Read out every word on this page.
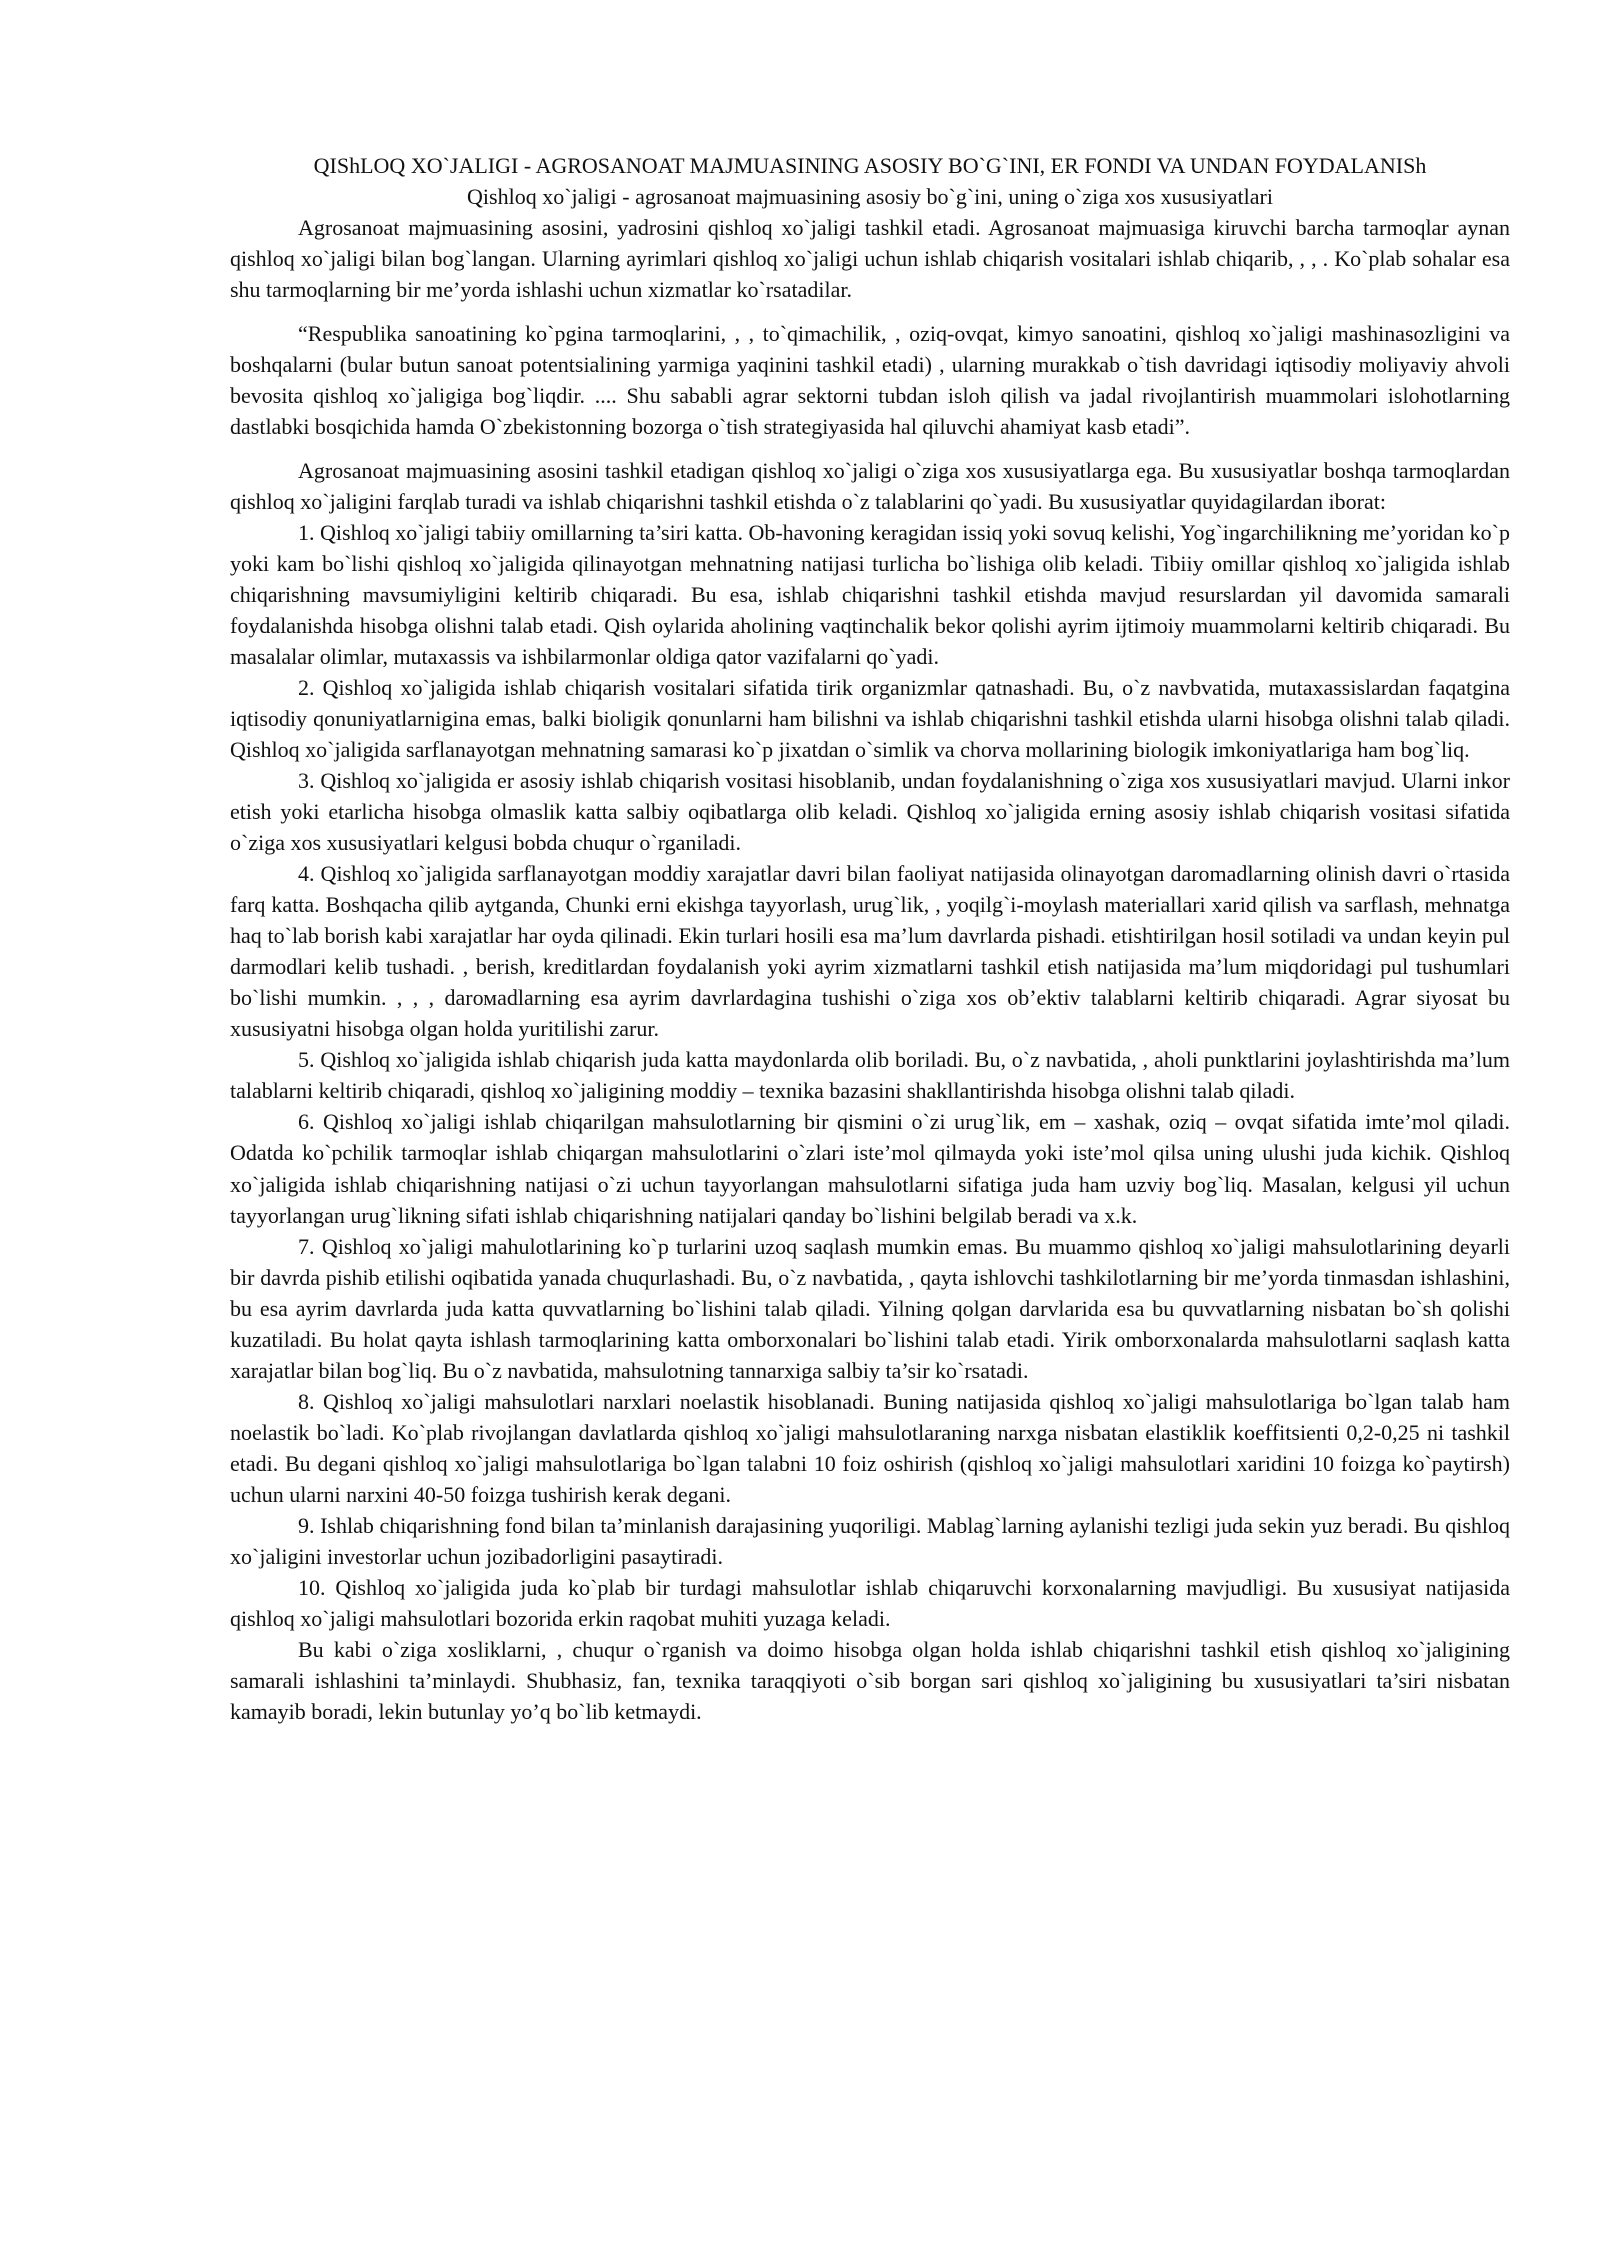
QIShLOQ XO`JALIGI - AGROSANOAT MAJMUASINING ASOSIY BO`G`INI, ER FONDI VA UNDAN FOYDALANISh
Qishloq xo`jaligi - agrosanoat majmuasining asosiy bo`g`ini, uning o`ziga xos xususiyatlari

Agrosanoat majmuasining asosini, yadrosini qishloq xo`jaligi tashkil etadi. Agrosanoat majmuasiga kiruvchi barcha tarmoqlar aynan qishloq xo`jaligi bilan bog`langan. Ularning ayrimlari qishloq xo`jaligi uchun ishlab chiqarish vositalari ishlab chiqarib, , , . Ko`plab sohalar esa shu tarmoqlarning bir me’yorda ishlashi uchun xizmatlar ko`rsatadilar.

“Respublika sanoatining ko`pgina tarmoqlarini, , , to`qimachilik, , oziq-ovqat, kimyo sanoatini, qishloq xo`jaligi mashinasozligini va boshqalarni (bular butun sanoat potentsialining yarmiga yaqinini tashkil etadi) , ularning murakkab o`tish davridagi iqtisodiy moliyaviy ahvoli bevosita qishloq xo`jaligiga bog`liqdir. .... Shu sababli agrar sektorni tubdan isloh qilish va jadal rivojlantirish muammolari islohotlarning dastlabki bosqichida hamda O`zbekistonning bozorga o`tish strategiyasida hal qiluvchi ahamiyat kasb etadi”.

Agrosanoat majmuasining asosini tashkil etadigan qishloq xo`jaligi o`ziga xos xususiyatlarga ega. Bu xususiyatlar boshqa tarmoqlardan qishloq xo`jaligini farqlab turadi va ishlab chiqarishni tashkil etishda o`z talablarini qo`yadi. Bu xususiyatlar quyidagilardan iborat:

1. Qishloq xo`jaligi tabiiy omillarning ta’siri katta. Ob-havoning keragidan issiq yoki sovuq kelishi, Yog`ingarchilikning me’yoridan ko`p yoki kam bo`lishi qishloq xo`jaligida qilinayotgan mehnatning natijasi turlicha bo`lishiga olib keladi. Tibiiy omillar qishloq xo`jaligida ishlab chiqarishning mavsumiyligini keltirib chiqaradi. Bu esa, ishlab chiqarishni tashkil etishda mavjud resurslardan yil davomida samarali foydalanishda hisobga olishni talab etadi. Qish oylarida aholining vaqtinchalik bekor qolishi ayrim ijtimoiy muammolarni keltirib chiqaradi. Bu masalalar olimlar, mutaxassis va ishbilarmonlar oldiga qator vazifalarni qo`yadi.

2. Qishloq xo`jaligida ishlab chiqarish vositalari sifatida tirik organizmlar qatnashadi. Bu, o`z navbvatida, mutaxassislardan faqatgina iqtisodiy qonuniyatlarnigina emas, balki bioligik qonunlarni ham bilishni va ishlab chiqarishni tashkil etishda ularni hisobga olishni talab qiladi. Qishloq xo`jaligida sarflanayotgan mehnatning samarasi ko`p jixatdan o`simlik va chorva mollarining biologik imkoniyatlariga ham bog`liq.

3. Qishloq xo`jaligida er asosiy ishlab chiqarish vositasi hisoblanib, undan foydalanishning o`ziga xos xususiyatlari mavjud. Ularni inkor etish yoki etarlicha hisobga olmaslik katta salbiy oqibatlarga olib keladi. Qishloq xo`jaligida erning asosiy ishlab chiqarish vositasi sifatida o`ziga xos xususiyatlari kelgusi bobda chuqur o`rganiladi.

4. Qishloq xo`jaligida sarflanayotgan moddiy xarajatlar davri bilan faoliyat natijasida olinayotgan daromadlarning olinish davri o`rtasida farq katta. Boshqacha qilib aytganda, Chunki erni ekishga tayyorlash, urug`lik, , yoqilg`i-moylash materiallari xarid qilish va sarflash, mehnatga haq to`lab borish kabi xarajatlar har oyda qilinadi. Ekin turlari hosili esa ma’lum davrlarda pishadi. etishtirilgan hosil sotiladi va undan keyin pul darmodlari kelib tushadi. , berish, kreditlardan foydalanish yoki ayrim xizmatlarni tashkil etish natijasida ma’lum miqdoridagi pul tushumlari bo`lishi mumkin. , , , darомadlarning esa ayrim davrlardagina tushishi o`ziga xos ob’ektiv talablarni keltirib chiqaradi. Agrar siyosat bu xususiyatni hisobga olgan holda yuritilishi zarur.

5. Qishloq xo`jaligida ishlab chiqarish juda katta maydonlarda olib boriladi. Bu, o`z navbatida, , aholi punktlarini joylashtirishda ma’lum talablarni keltirib chiqaradi, qishloq xo`jaligining moddiy – texnika bazasini shakllantirishda hisobga olishni talab qiladi.

6. Qishloq xo`jaligi ishlab chiqarilgan mahsulotlarning bir qismini o`zi urug`lik, em – xashak, oziq – ovqat sifatida imte’mol qiladi. Odatda ko`pchilik tarmoqlar ishlab chiqargan mahsulotlarini o`zlari iste’mol qilmayda yoki iste’mol qilsa uning ulushi juda kichik. Qishloq xo`jaligida ishlab chiqarishning natijasi o`zi uchun tayyorlangan mahsulotlarni sifatiga juda ham uzviy bog`liq. Masalan, kelgusi yil uchun tayyorlangan urug`likning sifati ishlab chiqarishning natijalari qanday bo`lishini belgilab beradi va x.k.

7. Qishloq xo`jaligi mahulotlarining ko`p turlarini uzoq saqlash mumkin emas. Bu muammo qishloq xo`jaligi mahsulotlarining deyarli bir davrda pishib etilishi oqibatida yanada chuqurlashadi. Bu, o`z navbatida, , qayta ishlovchi tashkilotlarning bir me’yorda tinmasdan ishlashini, bu esa ayrim davrlarda juda katta quvvatlarning bo`lishini talab qiladi. Yilning qolgan darvlarida esa bu quvvatlarning nisbatan bo`sh qolishi kuzatiladi. Bu holat qayta ishlash tarmoqlarining katta omborxonalari bo`lishini talab etadi. Yirik omborxonalarda mahsulotlarni saqlash katta xarajatlar bilan bog`liq. Bu o`z navbatida, mahsulotning tannarxiga salbiy ta’sir ko`rsatadi.

8. Qishloq xo`jaligi mahsulotlari narxlari noelastik hisoblanadi. Buning natijasida qishloq xo`jaligi mahsulotlariga bo`lgan talab ham noelastik bo`ladi. Ko`plab rivojlangan davlatlarda qishloq xo`jaligi mahsulotlaraning narxga nisbatan elastiklik koeffitsienti 0,2-0,25 ni tashkil etadi. Bu degani qishloq xo`jaligi mahsulotlariga bo`lgan talabni 10 foiz oshirish (qishloq xo`jaligi mahsulotlari xaridini 10 foizga ko`paytirsh) uchun ularni narxini 40-50 foizga tushirish kerak degani.

9. Ishlab chiqarishning fond bilan ta’minlanish darajasining yuqoriligi. Mablag`larning aylanishi tezligi juda sekin yuz beradi. Bu qishloq xo`jaligini investorlar uchun jozibadorligini pasaytiradi.

10. Qishloq xo`jaligida juda ko`plab bir turdagi mahsulotlar ishlab chiqaruvchi korxonalarning mavjudligi. Bu xususiyat natijasida qishloq xo`jaligi mahsulotlari bozorida erkin raqobat muhiti yuzaga keladi.

Bu kabi o`ziga xosliklarni, , chuqur o`rganish va doimo hisobga olgan holda ishlab chiqarishni tashkil etish qishloq xo`jaligining samarali ishlashini ta’minlaydi. Shubhasiz, fan, texnika taraqqiyoti o`sib borgan sari qishloq xo`jaligining bu xususiyatlari ta’siri nisbatan kamayib boradi, lekin butunlay yo’q bo`lib ketmaydi.
